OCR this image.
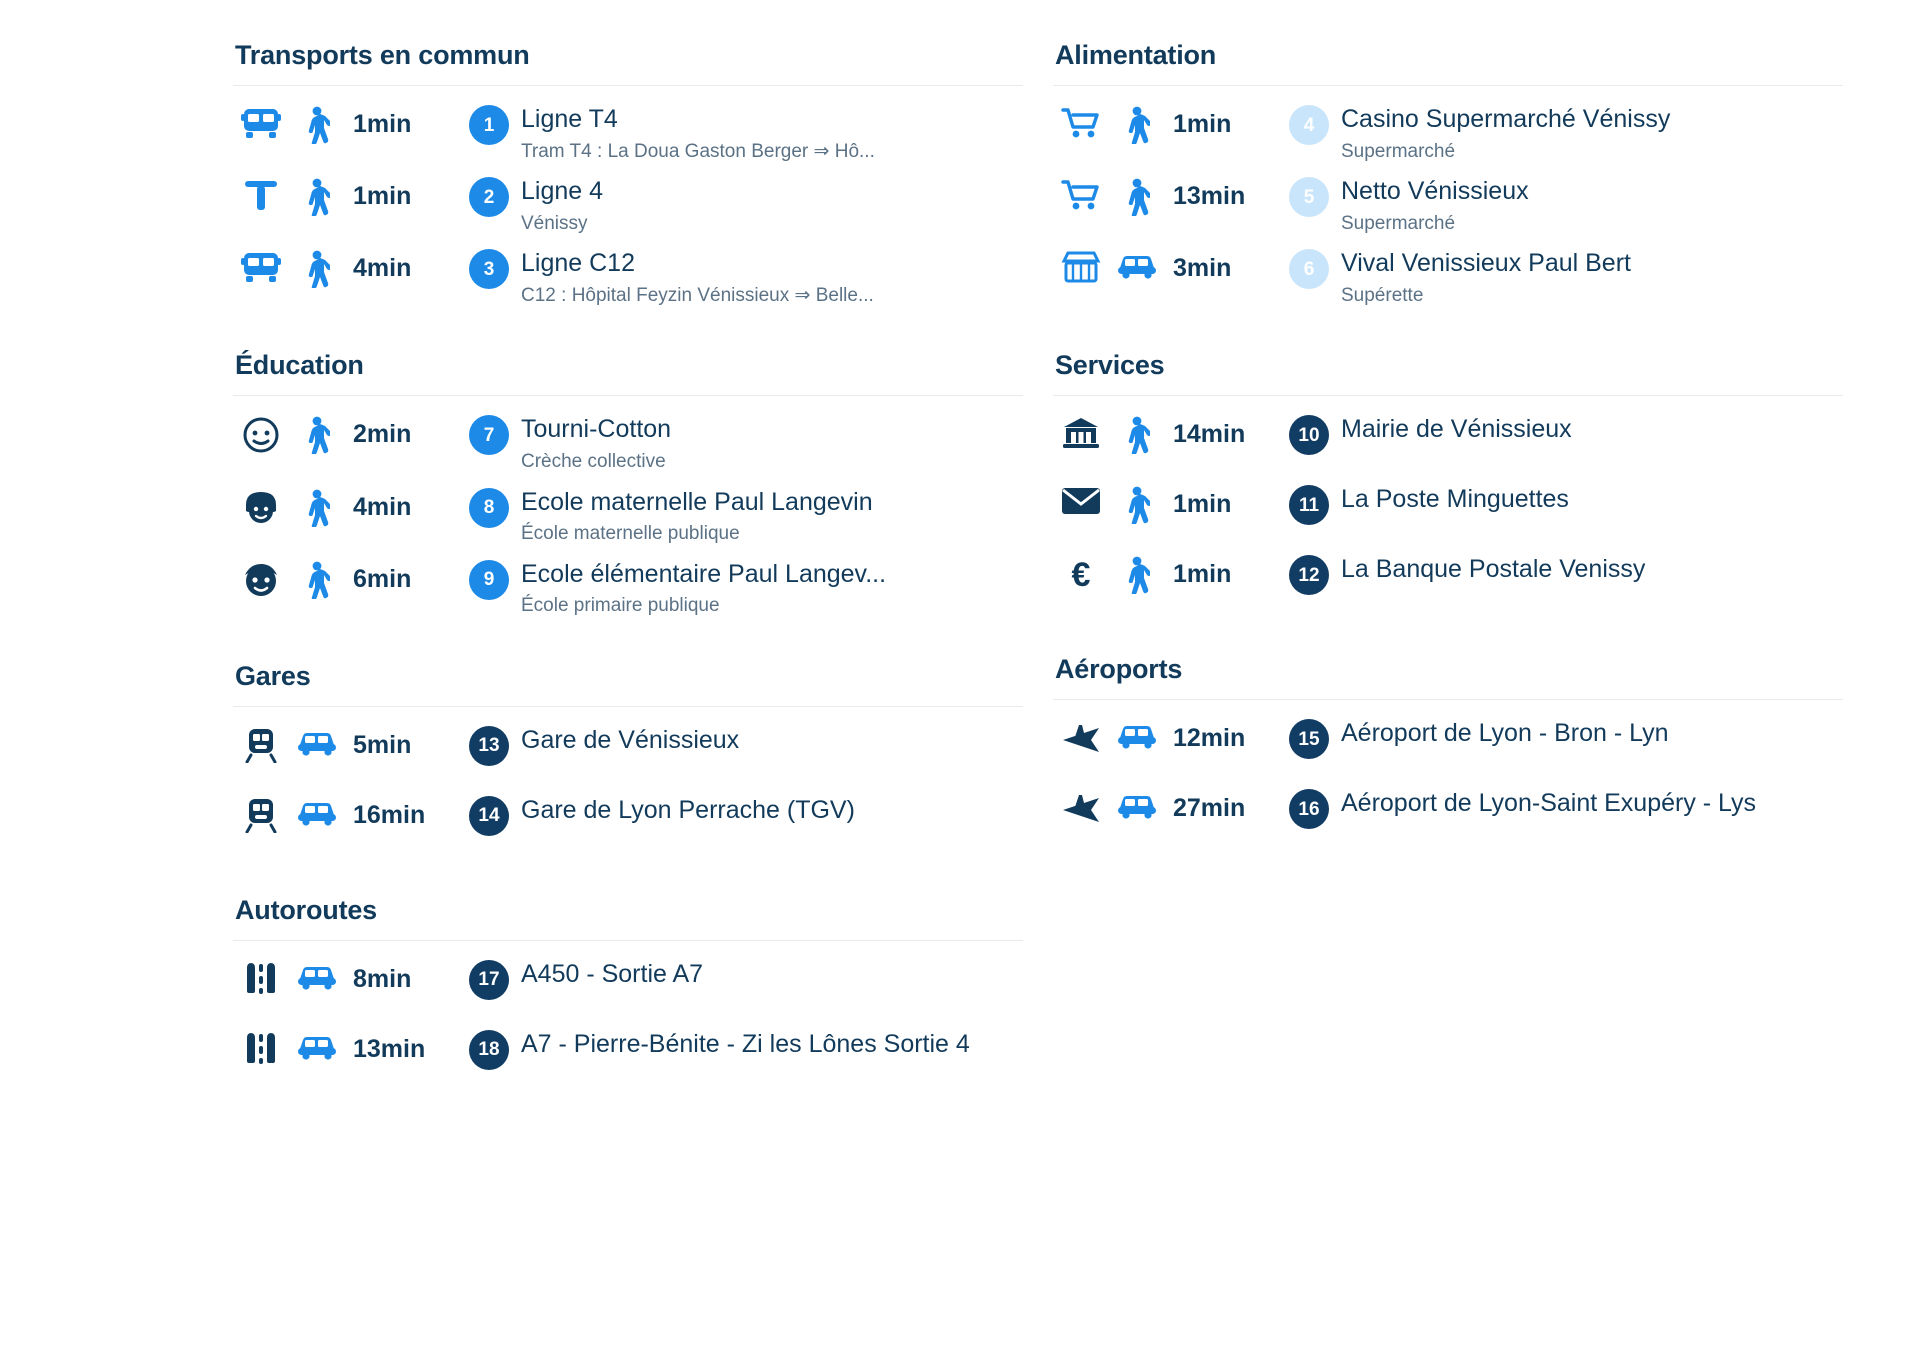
Transports en commun
1min	1	Ligne T4
Tram T4 : La Doua Gaston Berger ⇒ Hô...
1min	2	Ligne 4
Vénissy
4min	3	Ligne C12
C12 : Hôpital Feyzin Vénissieux ⇒ Belle...
Éducation
2min	7	Tourni-Cotton
Crèche collective
4min	8	Ecole maternelle Paul Langevin
École maternelle publique
6min	9	Ecole élémentaire Paul Langev...
École primaire publique
Gares
5min	13 Gare de Vénissieux
16min	14 Gare de Lyon Perrache (TGV)
Autoroutes
8min	17 A450 - Sortie A7
13min	18 A7 - Pierre-Bénite - Zi les Lônes Sortie 4
Alimentation
1min	4	Casino Supermarché Vénissy
Supermarché
13min	5	Netto Vénissieux
Supermarché
3min	6	Vival Venissieux Paul Bert
Supérette
Services
14min	10 Mairie de Vénissieux
1min	11 La Poste Minguettes
€	1min	12 La Banque Postale Venissy
Aéroports
12min	15 Aéroport de Lyon - Bron - Lyn
27min	16 Aéroport de Lyon-Saint Exupéry - Lys
